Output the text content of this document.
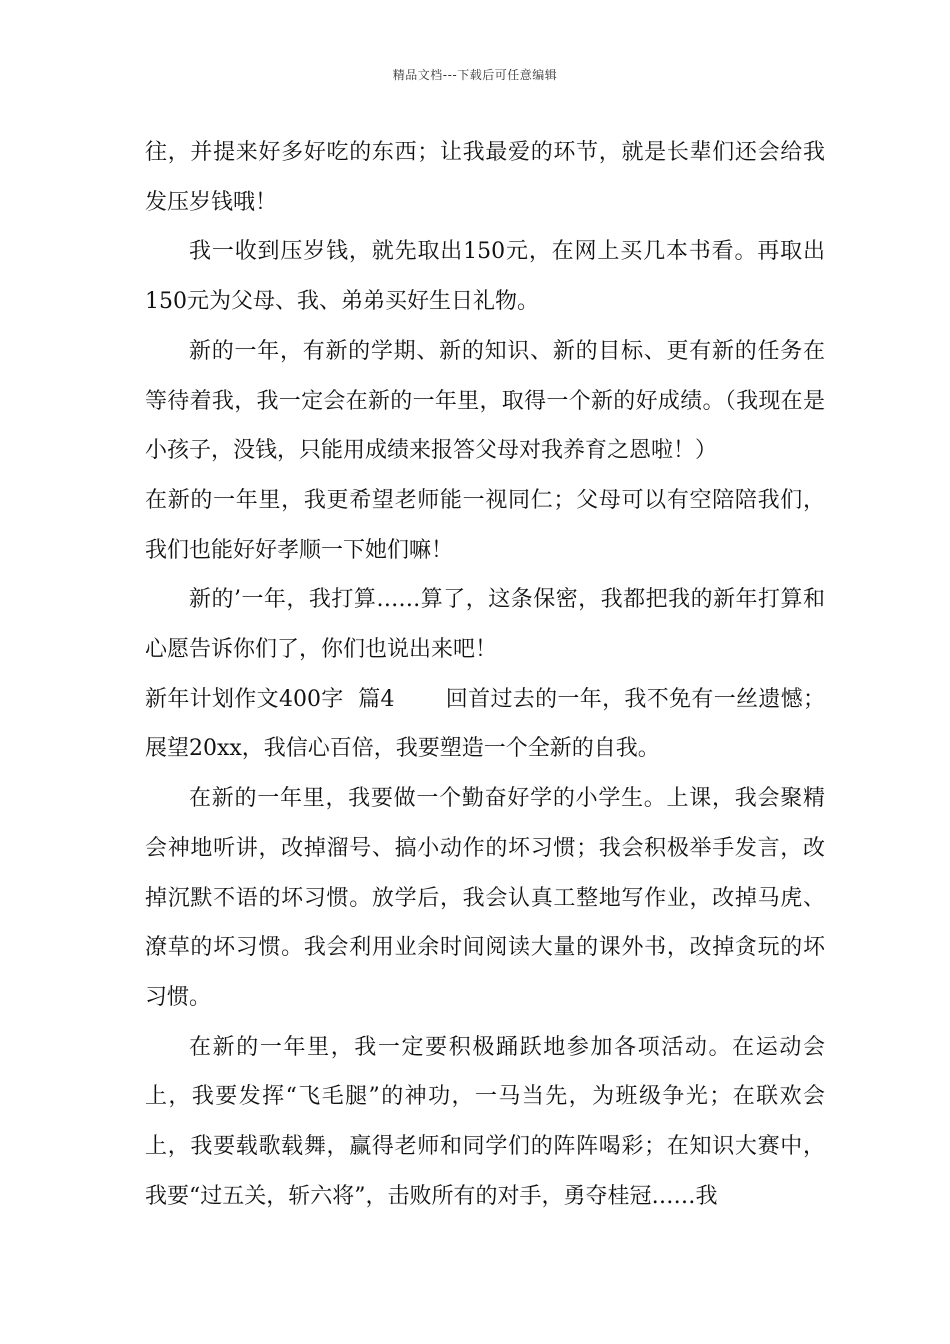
精品文档---下载后可任意编辑

往，并提来好多好吃的东西；让我最爱的环节，就是长辈们还会给我发压岁钱哦！

我一收到压岁钱，就先取出150元，在网上买几本书看。再取出150元为父母、我、弟弟买好生日礼物。

新的一年，有新的学期、新的知识、新的目标、更有新的任务在等待着我，我一定会在新的一年里，取得一个新的好成绩。（我现在是小孩子，没钱，只能用成绩来报答父母对我养育之恩啦！）

在新的一年里，我更希望老师能一视同仁；父母可以有空陪陪我们，我们也能好好孝顺一下她们嘛！

新的’一年，我打算……算了，这条保密，我都把我的新年打算和心愿告诉你们了，你们也说出来吧！

新年计划作文400字  篇4 回首过去的一年，我不免有一丝遗憾；展望20xx，我信心百倍，我要塑造一个全新的自我。

在新的一年里，我要做一个勤奋好学的小学生。上课，我会聚精会神地听讲，改掉溜号、搞小动作的坏习惯；我会积极举手发言，改掉沉默不语的坏习惯。放学后，我会认真工整地写作业，改掉马虎、潦草的坏习惯。我会利用业余时间阅读大量的课外书，改掉贪玩的坏习惯。

在新的一年里，我一定要积极踊跃地参加各项活动。在运动会上，我要发挥“飞毛腿”的神功，一马当先，为班级争光；在联欢会上，我要载歌载舞，赢得老师和同学们的阵阵喝彩；在知识大赛中，我要“过五关，斩六将”，击败所有的对手，勇夺桂冠……我
